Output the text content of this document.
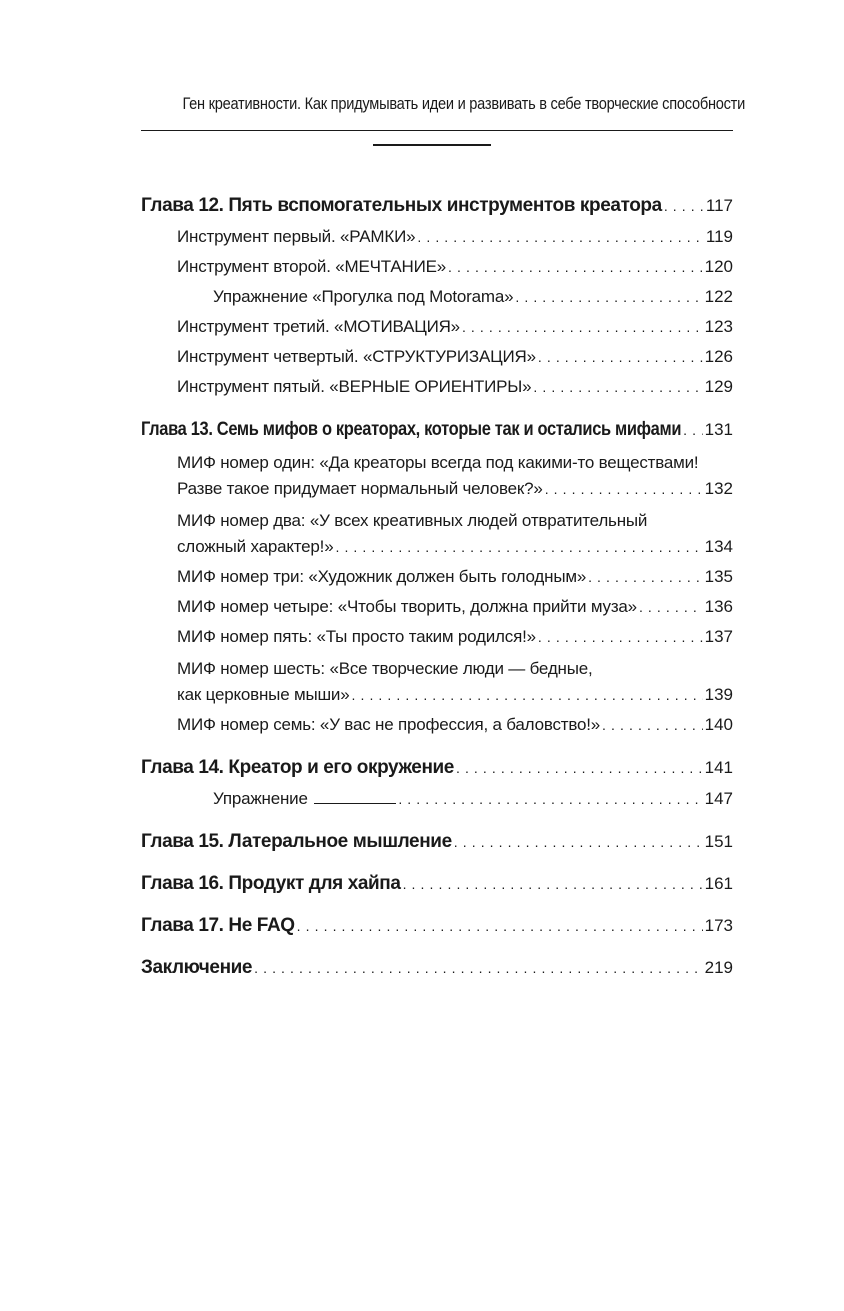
Ген креативности. Как придумывать идеи и развивать в себе творческие способности
Глава 12. Пять вспомогательных инструментов креатора . . .	117
Инструмент первый. «РАМКИ» . . .	119
Инструмент второй. «МЕЧТАНИЕ» . . .	120
Упражнение «Прогулка под Motorama» . . .	122
Инструмент третий. «МОТИВАЦИЯ» . . .	123
Инструмент четвертый. «СТРУКТУРИЗАЦИЯ» . . .	126
Инструмент пятый. «ВЕРНЫЕ ОРИЕНТИРЫ» . . .	129
Глава 13. Семь мифов о креаторах, которые так и остались мифами . . . 131
МИФ номер один: «Да креаторы всегда под какими-то веществами!
Разве такое придумает нормальный человек?» . . .	132
МИФ номер два: «У всех креативных людей отвратительный
сложный характер!» . . .	134
МИФ номер три: «Художник должен быть голодным» . . .	135
МИФ номер четыре: «Чтобы творить, должна прийти муза» . . .	136
МИФ номер пять: «Ты просто таким родился!» . . .	137
МИФ номер шесть: «Все творческие люди — бедные,
как церковные мыши» . . .	139
МИФ номер семь: «У вас не профессия, а баловство!» . . .	140
Глава 14. Креатор и его окружение . . .	141
Упражнение . . .	147
Глава 15. Латеральное мышление . . .	151
Глава 16. Продукт для хайпа . . .	161
Глава 17. Не FAQ . . .	173
Заключение . . .	219
